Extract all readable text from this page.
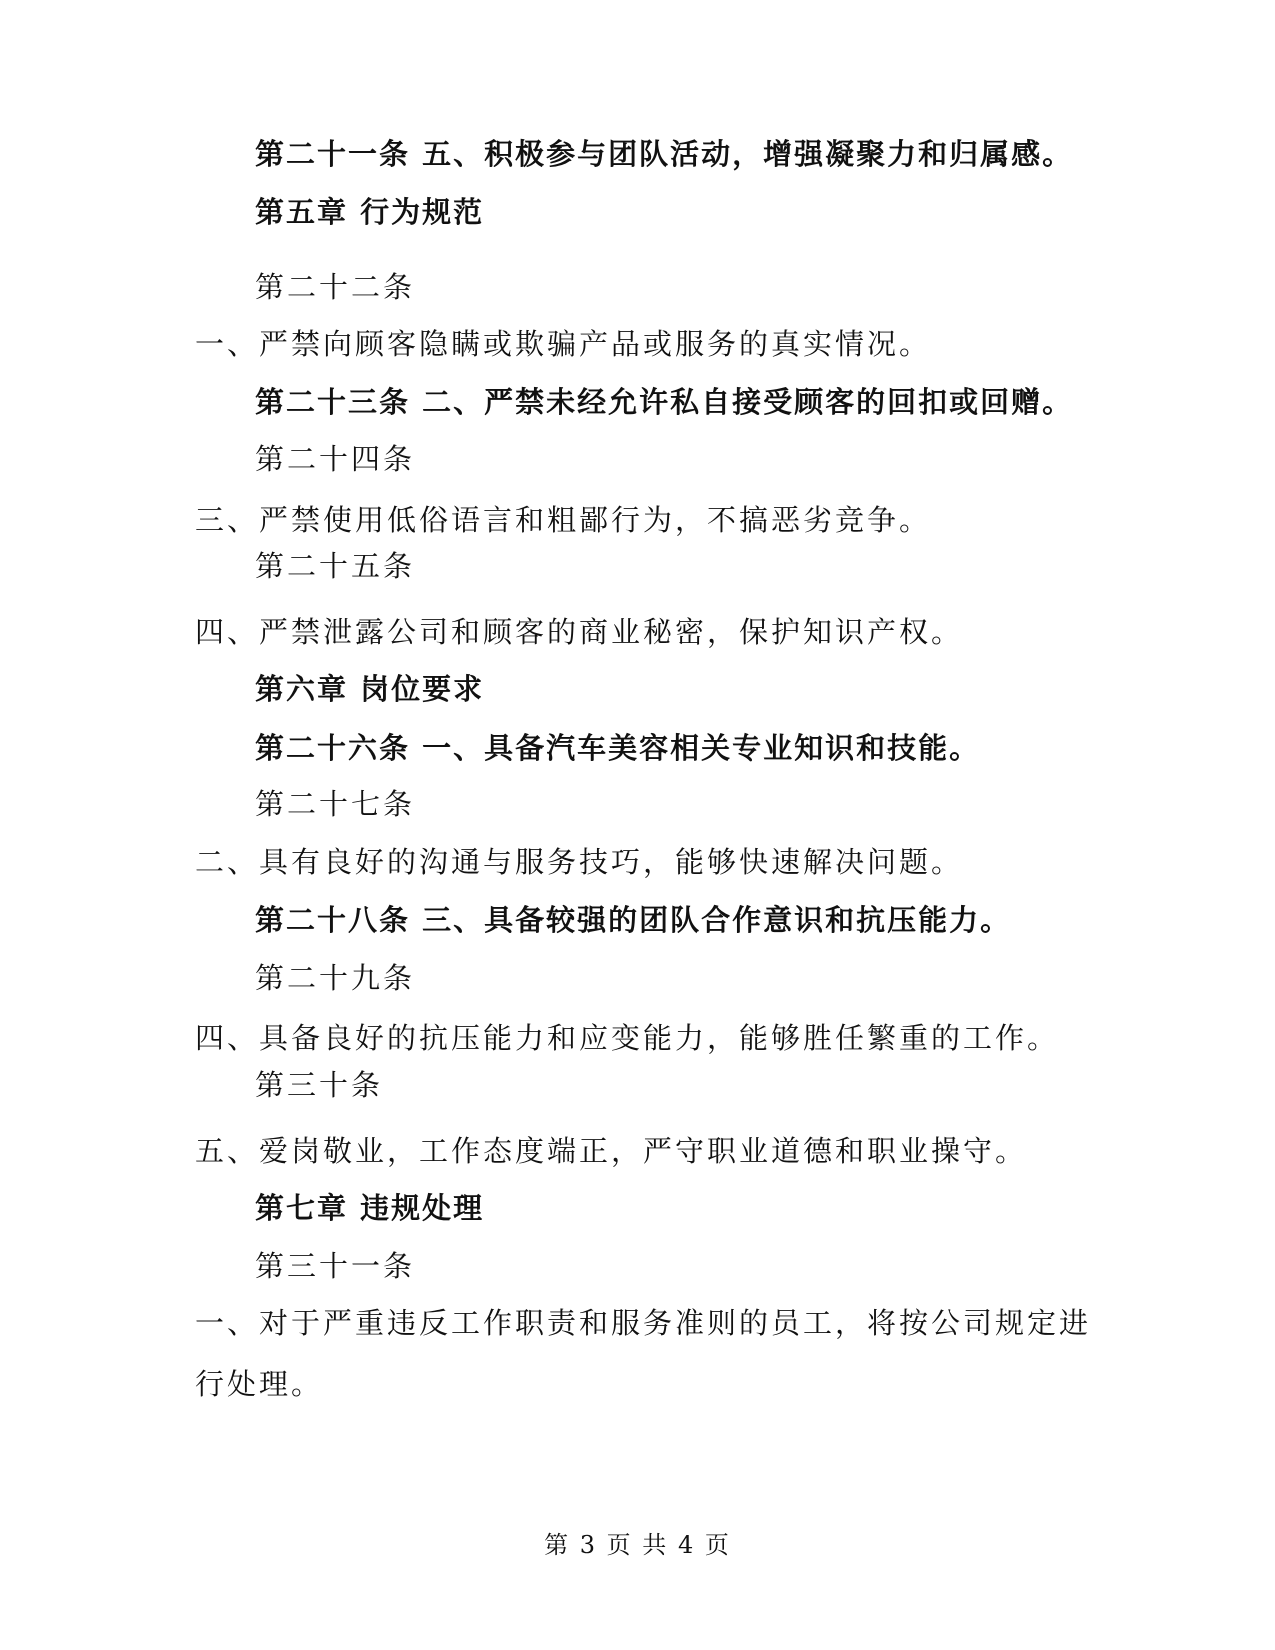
第二十一条 五、积极参与团队活动，增强凝聚力和归属感。
第五章 行为规范
第二十二条
一、严禁向顾客隐瞒或欺骗产品或服务的真实情况。
第二十三条 二、严禁未经允许私自接受顾客的回扣或回赠。
第二十四条
三、严禁使用低俗语言和粗鄙行为，不搞恶劣竞争。
第二十五条
四、严禁泄露公司和顾客的商业秘密，保护知识产权。
第六章 岗位要求
第二十六条 一、具备汽车美容相关专业知识和技能。
第二十七条
二、具有良好的沟通与服务技巧，能够快速解决问题。
第二十八条 三、具备较强的团队合作意识和抗压能力。
第二十九条
四、具备良好的抗压能力和应变能力，能够胜任繁重的工作。
第三十条
五、爱岗敬业，工作态度端正，严守职业道德和职业操守。
第七章 违规处理
第三十一条
一、对于严重违反工作职责和服务准则的员工，将按公司规定进
行处理。
第 3 页 共 4 页
